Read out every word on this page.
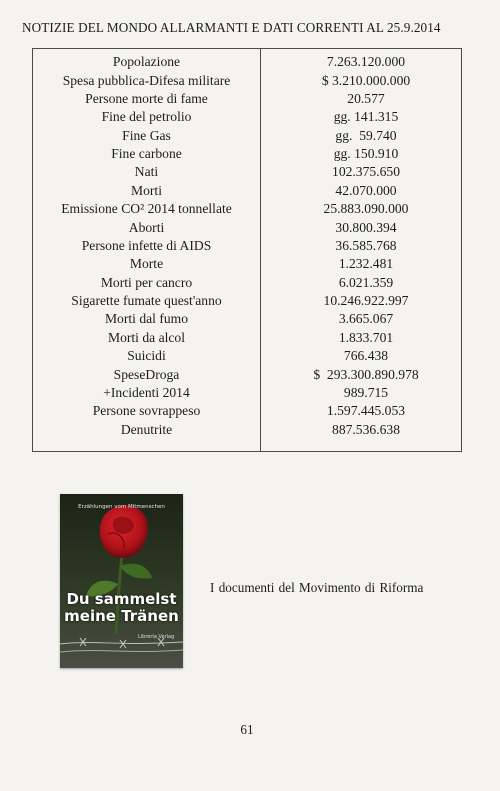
NOTIZIE DEL MONDO ALLARMANTI E DATI CORRENTI AL 25.9.2014
Popolazione	7.263.120.000
Spesa pubblica-Difesa militare	$ 3.210.000.000
Persone morte di fame	20.577
Fine del petrolio	gg. 141.315
Fine Gas	gg.  59.740
Fine carbone	gg. 150.910
Nati	102.375.650
Morti	42.070.000
Emissione CO² 2014 tonnellate	25.883.090.000
Aborti	30.800.394
Persone infette di AIDS	36.585.768
Morte	1.232.481
Morti per cancro	6.021.359
Sigarette fumate quest'anno	10.246.922.997
Morti dal fumo	3.665.067
Morti da alcol	1.833.701
Suicidi	766.438
SpeseDroga	$  293.300.890.978
+Incidenti 2014	989.715
Persone sovrappeso	1.597.445.053
Denutrite	887.536.638
Erzählungen vom Mitmenschen
Du sammelst
meine Tränen
Libreria Verlag
I documenti del Movimento di Riforma
61
